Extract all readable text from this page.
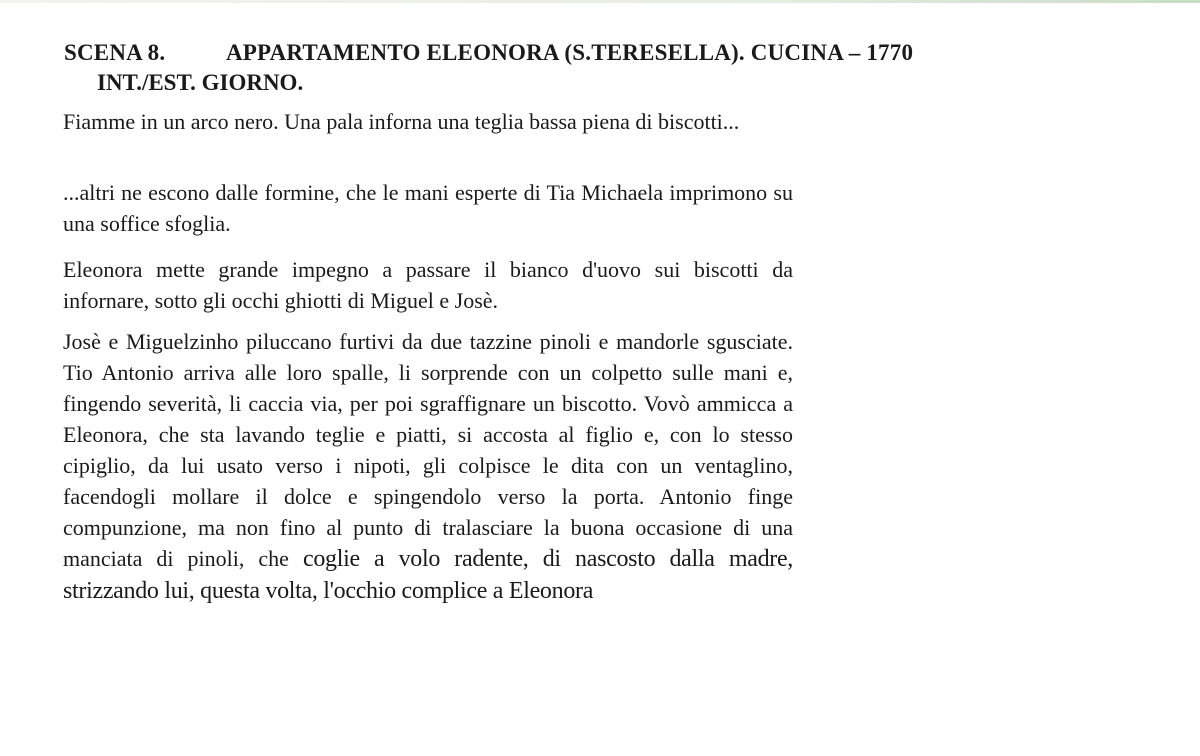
SCENA 8.	APPARTAMENTO ELEONORA (S.TERESELLA). CUCINA – 1770
INT./EST. GIORNO.

Fiamme in un arco nero. Una pala inforna una teglia bassa piena di biscotti...

...altri ne escono dalle formine, che le mani esperte di Tia Michaela imprimono su una soffice sfoglia.

Eleonora mette grande impegno a passare il bianco d'uovo sui biscotti da infornare, sotto gli occhi ghiotti di Miguel e Josè.

Josè e Miguelzinho piluccano furtivi da due tazzine pinoli e mandorle sgusciate. Tio Antonio arriva alle loro spalle, li sorprende con un colpetto sulle mani e, fingendo severità, li caccia via, per poi sgraffignare un biscotto. Vovò ammicca a Eleonora, che sta lavando teglie e piatti, si accosta al figlio e, con lo stesso cipiglio, da lui usato verso i nipoti, gli colpisce le dita con un ventaglino, facendogli mollare il dolce e spingendolo verso la porta. Antonio finge compunzione, ma non fino al punto di tralasciare la buona occasione di una manciata di pinoli, che coglie a volo radente, di nascosto dalla madre, strizzando lui, questa volta, l'occhio complice a Eleonora
